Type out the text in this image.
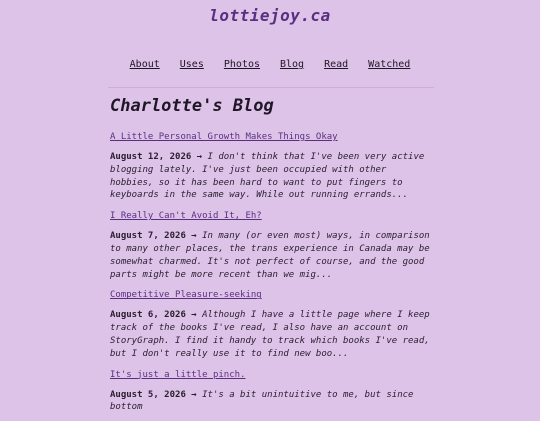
lottiejoy.ca
About Uses Photos Blog Read Watched
Charlotte's Blog
A Little Personal Growth Makes Things Okay

August 12, 2026 → I don't think that I've been very active blogging lately. I've just been occupied with other hobbies, so it has been hard to want to put fingers to keyboards in the same way. While out running errands...

I Really Can't Avoid It, Eh?

August 7, 2026 → In many (or even most) ways, in comparison to many other places, the trans experience in Canada may be somewhat charmed. It's not perfect of course, and the good parts might be more recent than we mig...

Competitive Pleasure-seeking

August 6, 2026 → Although I have a little page where I keep track of the books I've read, I also have an account on StoryGraph. I find it handy to track which books I've read, but I don't really use it to find new boo...

It's just a little pinch.

August 5, 2026 → It's a bit unintuitive to me, but since bottom
